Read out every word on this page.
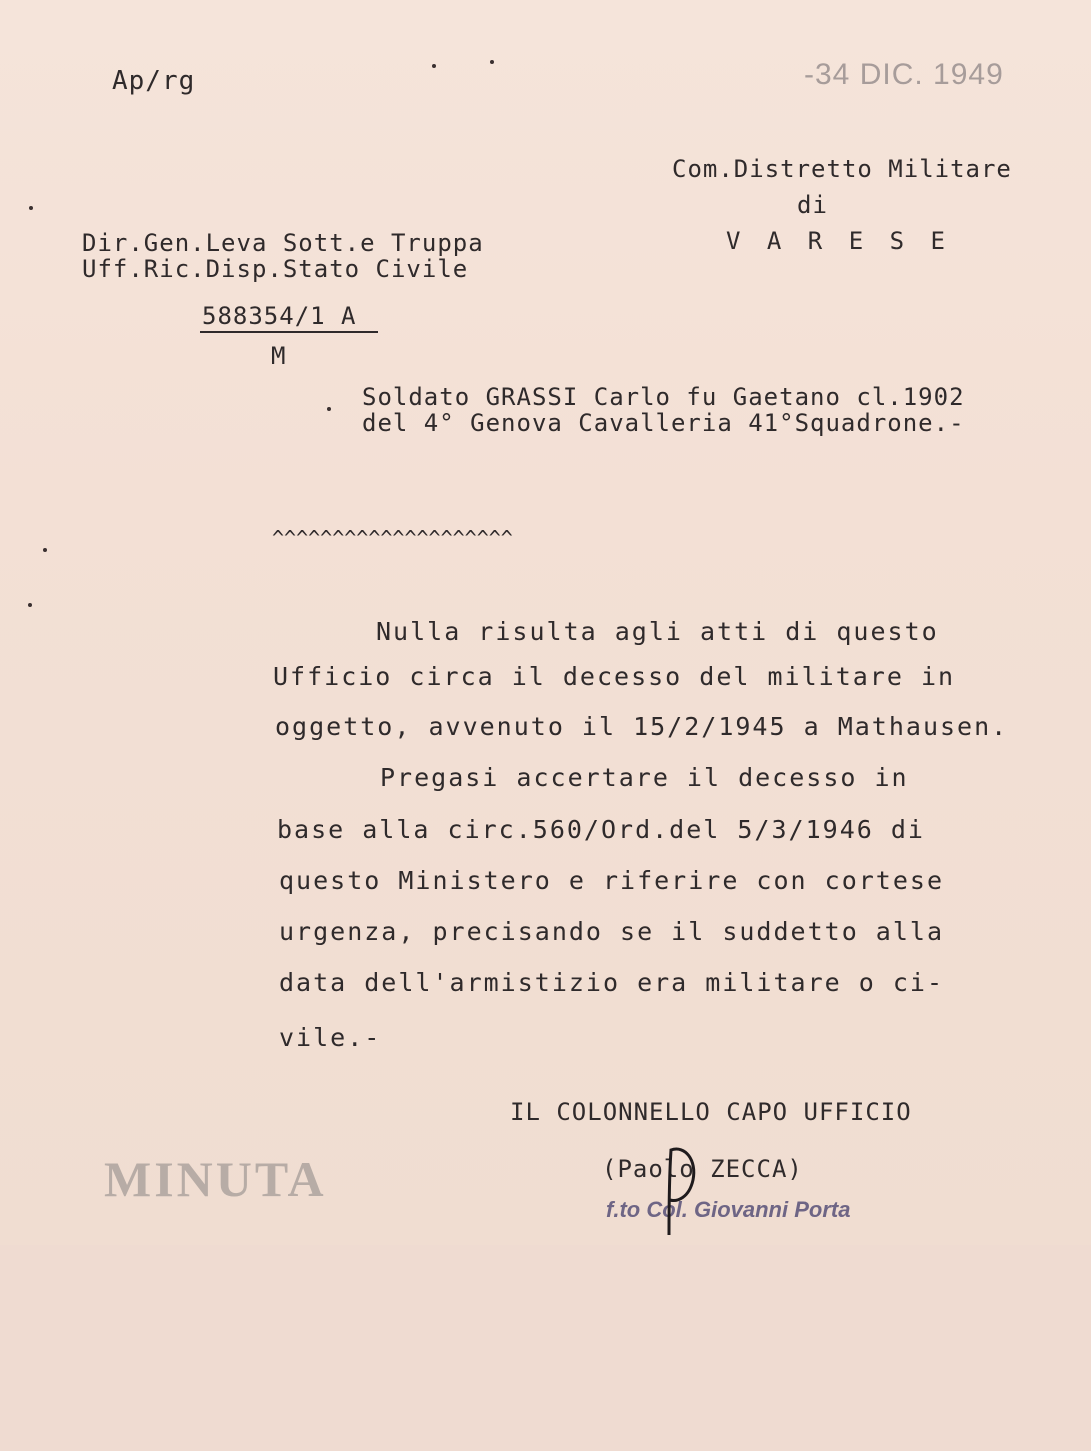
Ap/rg	-34 DIC. 1949
Com.Distretto Militare
di
V A R E S E
Dir.Gen.Leva Sott.e Truppa
Uff.Ric.Disp.Stato Civile
588354/1 A
M
Soldato GRASSI Carlo fu Gaetano cl.1902
del 4° Genova Cavalleria 41°Squadrone.-
^^^^^^^^^^^^^^^^^^^^
Nulla risulta agli atti di questo
Ufficio circa il decesso del militare in
oggetto, avvenuto il 15/2/1945 a Mathausen.
Pregasi accertare il decesso in
base alla circ.560/Ord.del 5/3/1946 di
questo Ministero e riferire con cortese
urgenza, precisando se il suddetto alla
data dell'armistizio era militare o ci-
vile.-
IL COLONNELLO CAPO UFFICIO
(Paolo ZECCA)
f.to Col. Giovanni Porta
MINUTA
